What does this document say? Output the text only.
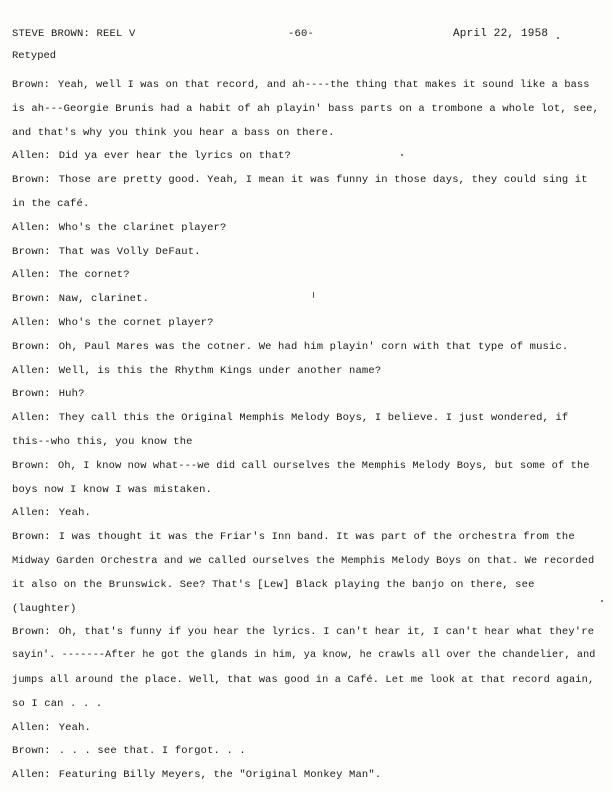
STEVE BROWN: REEL V	-60-	April 22, 1958
Retyped
Brown: Yeah, well I was on that record, and ah----the thing that makes it sound like a bass
is ah---Georgie Brunis had a habit of ah playin' bass parts on a trombone a whole lot, see,
and that's why you think you hear a bass on there.
Allen: Did ya ever hear the lyrics on that?
Brown: Those are pretty good. Yeah, I mean it was funny in those days, they could sing it
in the café.
Allen: Who's the clarinet player?
Brown: That was Volly DeFaut.
Allen: The cornet?
Brown: Naw, clarinet.
Allen: Who's the cornet player?
Brown: Oh, Paul Mares was the cotner. We had him playin' corn with that type of music.
Allen: Well, is this the Rhythm Kings under another name?
Brown: Huh?
Allen: They call this the Original Memphis Melody Boys, I believe. I just wondered, if
this--who this, you know the
Brown: Oh, I know now what---we did call ourselves the Memphis Melody Boys, but some of the
boys now I know I was mistaken.
Allen: Yeah.
Brown: I was thought it was the Friar's Inn band. It was part of the orchestra from the
Midway Garden Orchestra and we called ourselves the Memphis Melody Boys on that. We recorded
it also on the Brunswick. See? That's [Lew] Black playing the banjo on there, see
(laughter)
Brown: Oh, that's funny if you hear the lyrics. I can't hear it, I can't hear what they're
sayin'. -------After he got the glands in him, ya know, he crawls all over the chandelier, and
jumps all around the place. Well, that was good in a Café. Let me look at that record again,
so I can . . .
Allen: Yeah.
Brown: . . . see that. I forgot. . .
Allen: Featuring Billy Meyers, the "Original Monkey Man".
